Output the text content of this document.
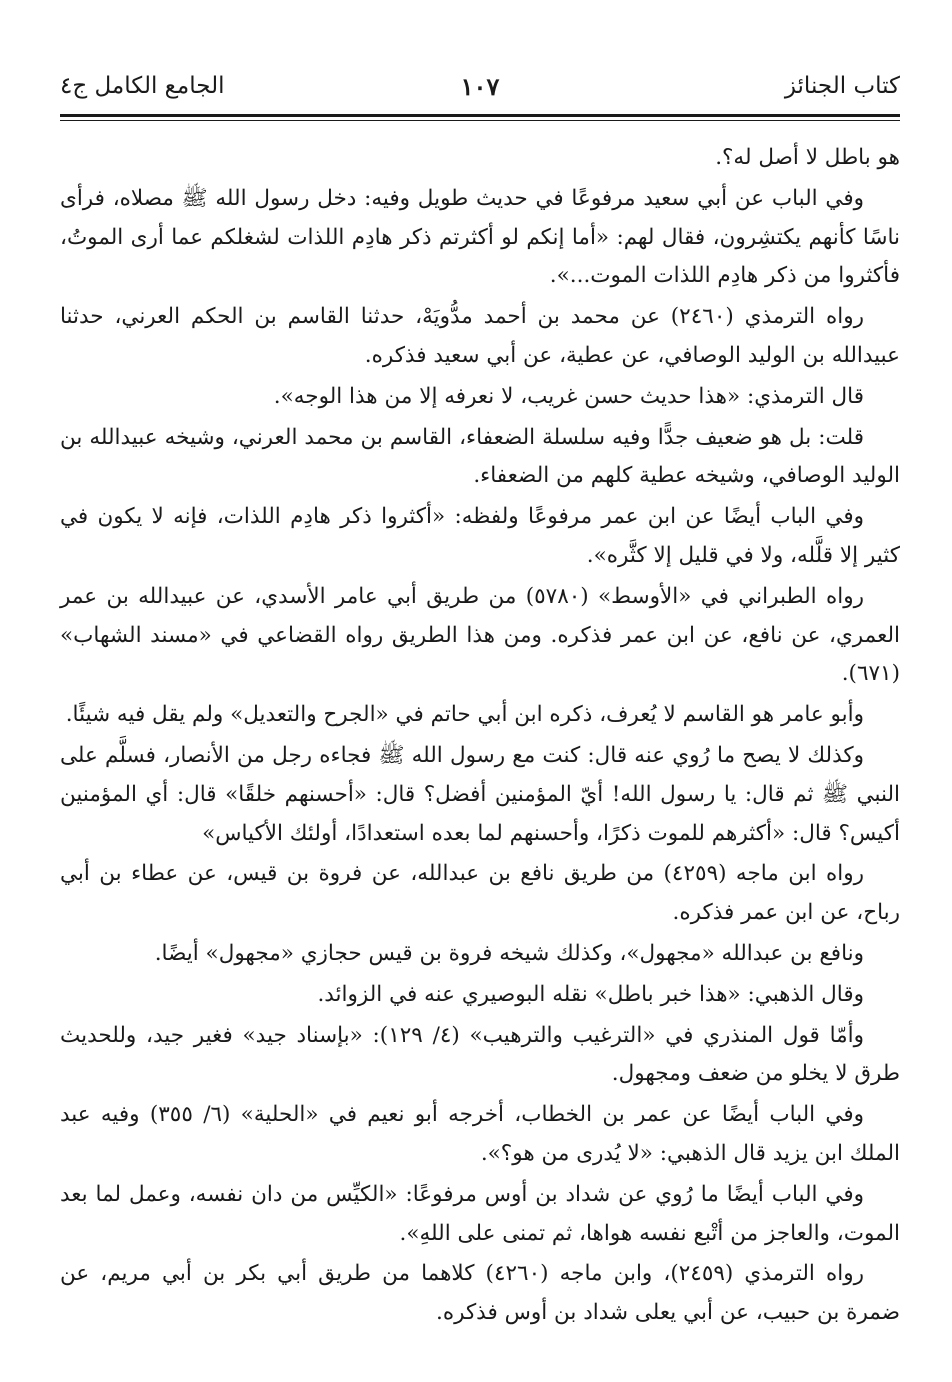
كتاب الجنائز
١٠٧
الجامع الكامل ج٤

هو باطل لا أصل له؟.

وفي الباب عن أبي سعيد مرفوعًا في حديث طويل وفيه: دخل رسول الله ﷺ مصلاه، فرأى ناسًا كأنهم يكتشِرون، فقال لهم: «أما إنكم لو أكثرتم ذكر هادِم اللذات لشغلكم عما أرى الموتُ، فأكثروا من ذكر هادِم اللذات الموت...».

رواه الترمذي (٢٤٦٠) عن محمد بن أحمد مدُّويَهْ، حدثنا القاسم بن الحكم العرني، حدثنا عبيدالله بن الوليد الوصافي، عن عطية، عن أبي سعيد فذكره.

قال الترمذي: «هذا حديث حسن غريب، لا نعرفه إلا من هذا الوجه».

قلت: بل هو ضعيف جدًّا وفيه سلسلة الضعفاء، القاسم بن محمد العرني، وشيخه عبيدالله بن الوليد الوصافي، وشيخه عطية كلهم من الضعفاء.

وفي الباب أيضًا عن ابن عمر مرفوعًا ولفظه: «أكثروا ذكر هادِم اللذات، فإنه لا يكون في كثير إلا قلَّله، ولا في قليل إلا كثَّره».

رواه الطبراني في «الأوسط» (٥٧٨٠) من طريق أبي عامر الأسدي، عن عبيدالله بن عمر العمري، عن نافع، عن ابن عمر فذكره. ومن هذا الطريق رواه القضاعي في «مسند الشهاب» (٦٧١).

وأبو عامر هو القاسم لا يُعرف، ذكره ابن أبي حاتم في «الجرح والتعديل» ولم يقل فيه شيئًا.

وكذلك لا يصح ما رُوي عنه قال: كنت مع رسول الله ﷺ فجاءه رجل من الأنصار، فسلَّم على النبي ﷺ ثم قال: يا رسول الله! أيّ المؤمنين أفضل؟ قال: «أحسنهم خلقًا» قال: أي المؤمنين أكيس؟ قال: «أكثرهم للموت ذكرًا، وأحسنهم لما بعده استعدادًا، أولئك الأكياس»

رواه ابن ماجه (٤٢٥٩) من طريق نافع بن عبدالله، عن فروة بن قيس، عن عطاء بن أبي رباح، عن ابن عمر فذكره.

ونافع بن عبدالله «مجهول»، وكذلك شيخه فروة بن قيس حجازي «مجهول» أيضًا.

وقال الذهبي: «هذا خبر باطل» نقله البوصيري عنه في الزوائد.

وأمّا قول المنذري في «الترغيب والترهيب» (٤/ ١٢٩): «بإسناد جيد» فغير جيد، وللحديث طرق لا يخلو من ضعف ومجهول.

وفي الباب أيضًا عن عمر بن الخطاب، أخرجه أبو نعيم في «الحلية» (٦/ ٣٥٥) وفيه عبد الملك ابن يزيد قال الذهبي: «لا يُدرى من هو؟».

وفي الباب أيضًا ما رُوي عن شداد بن أوس مرفوعًا: «الكيِّس من دان نفسه، وعمل لما بعد الموت، والعاجز من أتْبع نفسه هواها، ثم تمنى على اللهِ».

رواه الترمذي (٢٤٥٩)، وابن ماجه (٤٢٦٠) كلاهما من طريق أبي بكر بن أبي مريم، عن ضمرة بن حبيب، عن أبي يعلى شداد بن أوس فذكره.
